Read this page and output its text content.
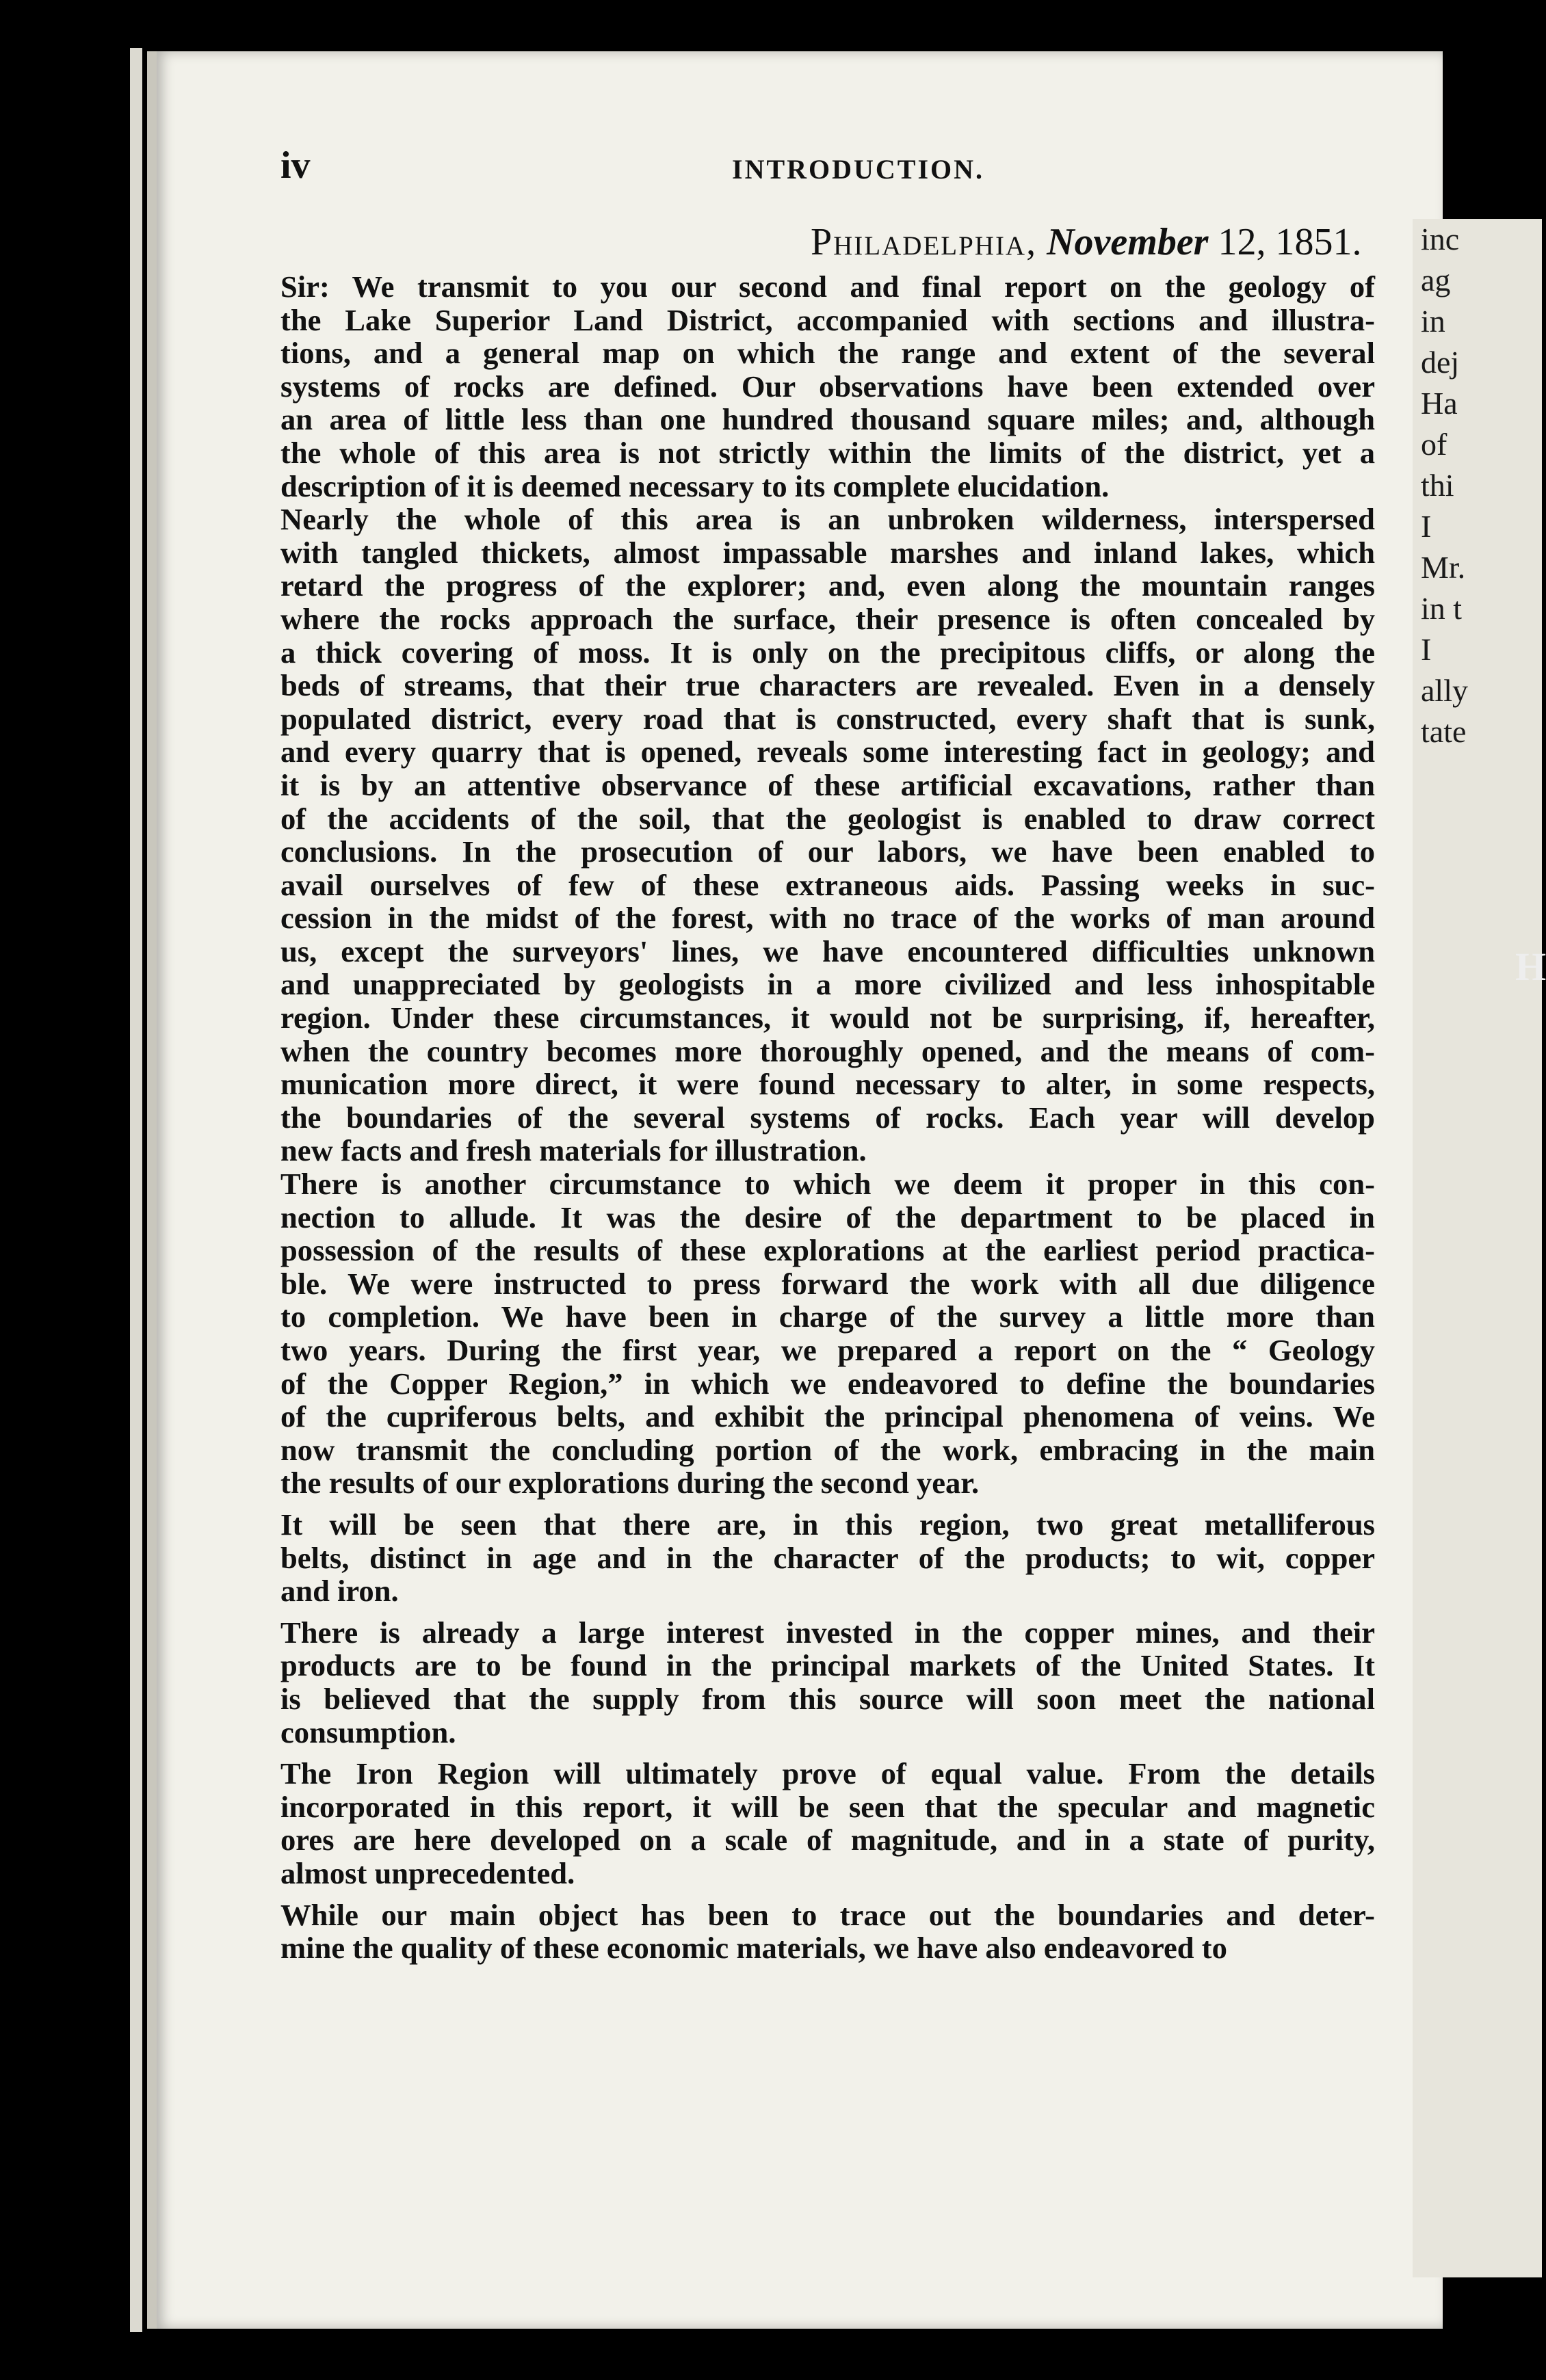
iv	INTRODUCTION.
Philadelphia, November 12, 1851.

Sir: We transmit to you our second and final report on the geology of

the Lake Superior Land District, accompanied with sections and illustra-

tions, and a general map on which the range and extent of the several

systems of rocks are defined. Our observations have been extended over

an area of little less than one hundred thousand square miles; and, although

the whole of this area is not strictly within the limits of the district, yet a

description of it is deemed necessary to its complete elucidation.

Nearly the whole of this area is an unbroken wilderness, interspersed

with tangled thickets, almost impassable marshes and inland lakes, which

retard the progress of the explorer; and, even along the mountain ranges

where the rocks approach the surface, their presence is often concealed by

a thick covering of moss. It is only on the precipitous cliffs, or along the

beds of streams, that their true characters are revealed. Even in a densely

populated district, every road that is constructed, every shaft that is sunk,

and every quarry that is opened, reveals some interesting fact in geology; and

it is by an attentive observance of these artificial excavations, rather than

of the accidents of the soil, that the geologist is enabled to draw correct

conclusions. In the prosecution of our labors, we have been enabled to

avail ourselves of few of these extraneous aids. Passing weeks in suc-

cession in the midst of the forest, with no trace of the works of man around

us, except the surveyors' lines, we have encountered difficulties unknown

and unappreciated by geologists in a more civilized and less inhospitable

region. Under these circumstances, it would not be surprising, if, hereafter,

when the country becomes more thoroughly opened, and the means of com-

munication more direct, it were found necessary to alter, in some respects,

the boundaries of the several systems of rocks. Each year will develop

new facts and fresh materials for illustration.

There is another circumstance to which we deem it proper in this con-

nection to allude. It was the desire of the department to be placed in

possession of the results of these explorations at the earliest period practica-

ble. We were instructed to press forward the work with all due diligence

to completion. We have been in charge of the survey a little more than

two years. During the first year, we prepared a report on the “ Geology

of the Copper Region,” in which we endeavored to define the boundaries

of the cupriferous belts, and exhibit the principal phenomena of veins. We

now transmit the concluding portion of the work, embracing in the main

the results of our explorations during the second year.

It will be seen that there are, in this region, two great metalliferous

belts, distinct in age and in the character of the products; to wit, copper

and iron.

There is already a large interest invested in the copper mines, and their

products are to be found in the principal markets of the United States. It

is believed that the supply from this source will soon meet the national

consumption.

The Iron Region will ultimately prove of equal value. From the details

incorporated in this report, it will be seen that the specular and magnetic

ores are here developed on a scale of magnitude, and in a state of purity,

almost unprecedented.

While our main object has been to trace out the boundaries and deter-

mine the quality of these economic materials, we have also endeavored to

inc
ag
in
dej
Ha
of
thi
I
Mr.
in t
I
ally
tate
H
